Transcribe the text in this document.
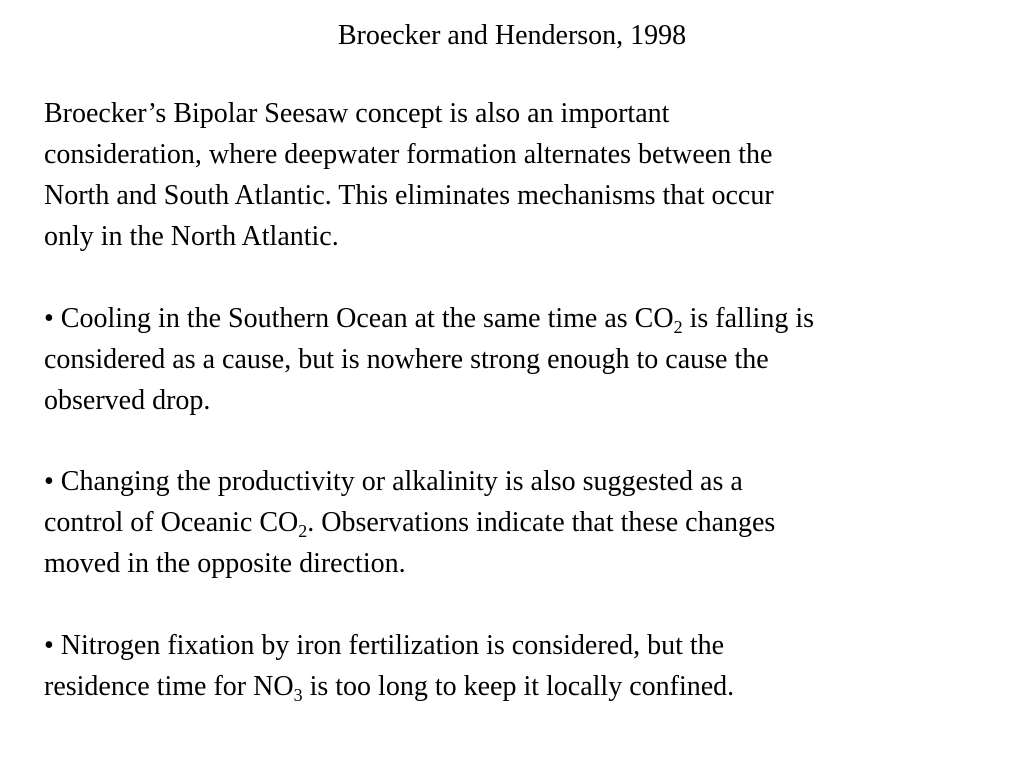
Broecker and Henderson, 1998

Broecker’s Bipolar Seesaw concept is also an important
consideration, where deepwater formation alternates between the
North and South Atlantic. This eliminates mechanisms that occur
only in the North Atlantic.

• Cooling in the Southern Ocean at the same time as $CO_2$ is falling is
considered as a cause, but is nowhere strong enough to cause the
observed drop.

• Changing the productivity or alkalinity is also suggested as a
control of Oceanic $CO_2$. Observations indicate that these changes
moved in the opposite direction.

• Nitrogen fixation by iron fertilization is considered, but the
residence time for $NO_3$ is too long to keep it locally confined.
